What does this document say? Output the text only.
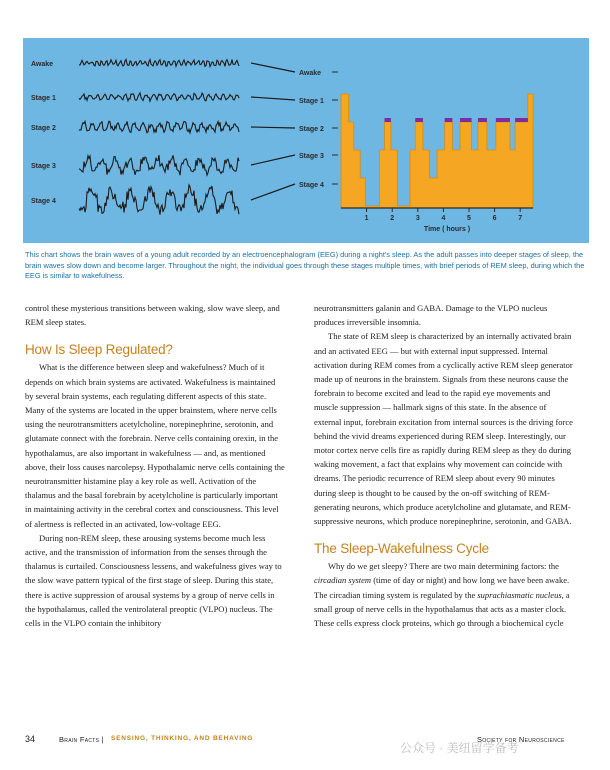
Awake
Stage 1
Stage 2
Stage 3
Stage 4
Awake
Stage 1
Stage 2
Stage 3
Stage 4
1	2	3	4	5	6	7
Time ( hours )
This chart shows the brain waves of a young adult recorded by an electroencephalogram (EEG) during a night's sleep. As the adult passes into deeper stages of sleep, the brain waves slow down and become larger. Throughout the night, the individual goes through these stages multiple times, with brief periods of REM sleep, during which the EEG is similar to wakefulness.

control these mysterious transitions between waking, slow wave sleep, and REM sleep states.

How Is Sleep Regulated?

What is the difference between sleep and wakefulness? Much of it depends on which brain systems are activated. Wakefulness is maintained by several brain systems, each regulating different aspects of this state. Many of the systems are located in the upper brainstem, where nerve cells using the neurotransmitters acetylcholine, norepinephrine, serotonin, and glutamate connect with the forebrain. Nerve cells containing orexin, in the hypothalamus, are also important in wakefulness — and, as mentioned above, their loss causes narcolepsy. Hypothalamic nerve cells containing the neurotransmitter histamine play a key role as well. Activation of the thalamus and the basal forebrain by acetylcholine is particularly important in maintaining activity in the cerebral cortex and consciousness. This level of alertness is reflected in an activated, low-voltage EEG.

During non-REM sleep, these arousing systems become much less active, and the transmission of information from the senses through the thalamus is curtailed. Consciousness lessens, and wakefulness gives way to the slow wave pattern typical of the first stage of sleep. During this state, there is active suppression of arousal systems by a group of nerve cells in the hypothalamus, called the ventrolateral preoptic (VLPO) nucleus. The cells in the VLPO contain the inhibitory

neurotransmitters galanin and GABA. Damage to the VLPO nucleus produces irreversible insomnia.

The state of REM sleep is characterized by an internally activated brain and an activated EEG — but with external input suppressed. Internal activation during REM comes from a cyclically active REM sleep generator made up of neurons in the brainstem. Signals from these neurons cause the forebrain to become excited and lead to the rapid eye movements and muscle suppression — hallmark signs of this state. In the absence of external input, forebrain excitation from internal sources is the driving force behind the vivid dreams experienced during REM sleep. Interestingly, our motor cortex nerve cells fire as rapidly during REM sleep as they do during waking movement, a fact that explains why movement can coincide with dreams. The periodic recurrence of REM sleep about every 90 minutes during sleep is thought to be caused by the on-off switching of REM-generating neurons, which produce acetylcholine and glutamate, and REM-suppressive neurons, which produce norepinephrine, serotonin, and GABA.

The Sleep-Wakefulness Cycle

Why do we get sleepy? There are two main determining factors: the circadian system (time of day or night) and how long we have been awake. The circadian timing system is regulated by the suprachiasmatic nucleus, a small group of nerve cells in the hypothalamus that acts as a master clock. These cells express clock proteins, which go through a biochemical cycle

34	Brain Facts | SENSING, THINKING, AND BEHAVING	Society for Neuroscience
公众号 · 美纽留学备考
